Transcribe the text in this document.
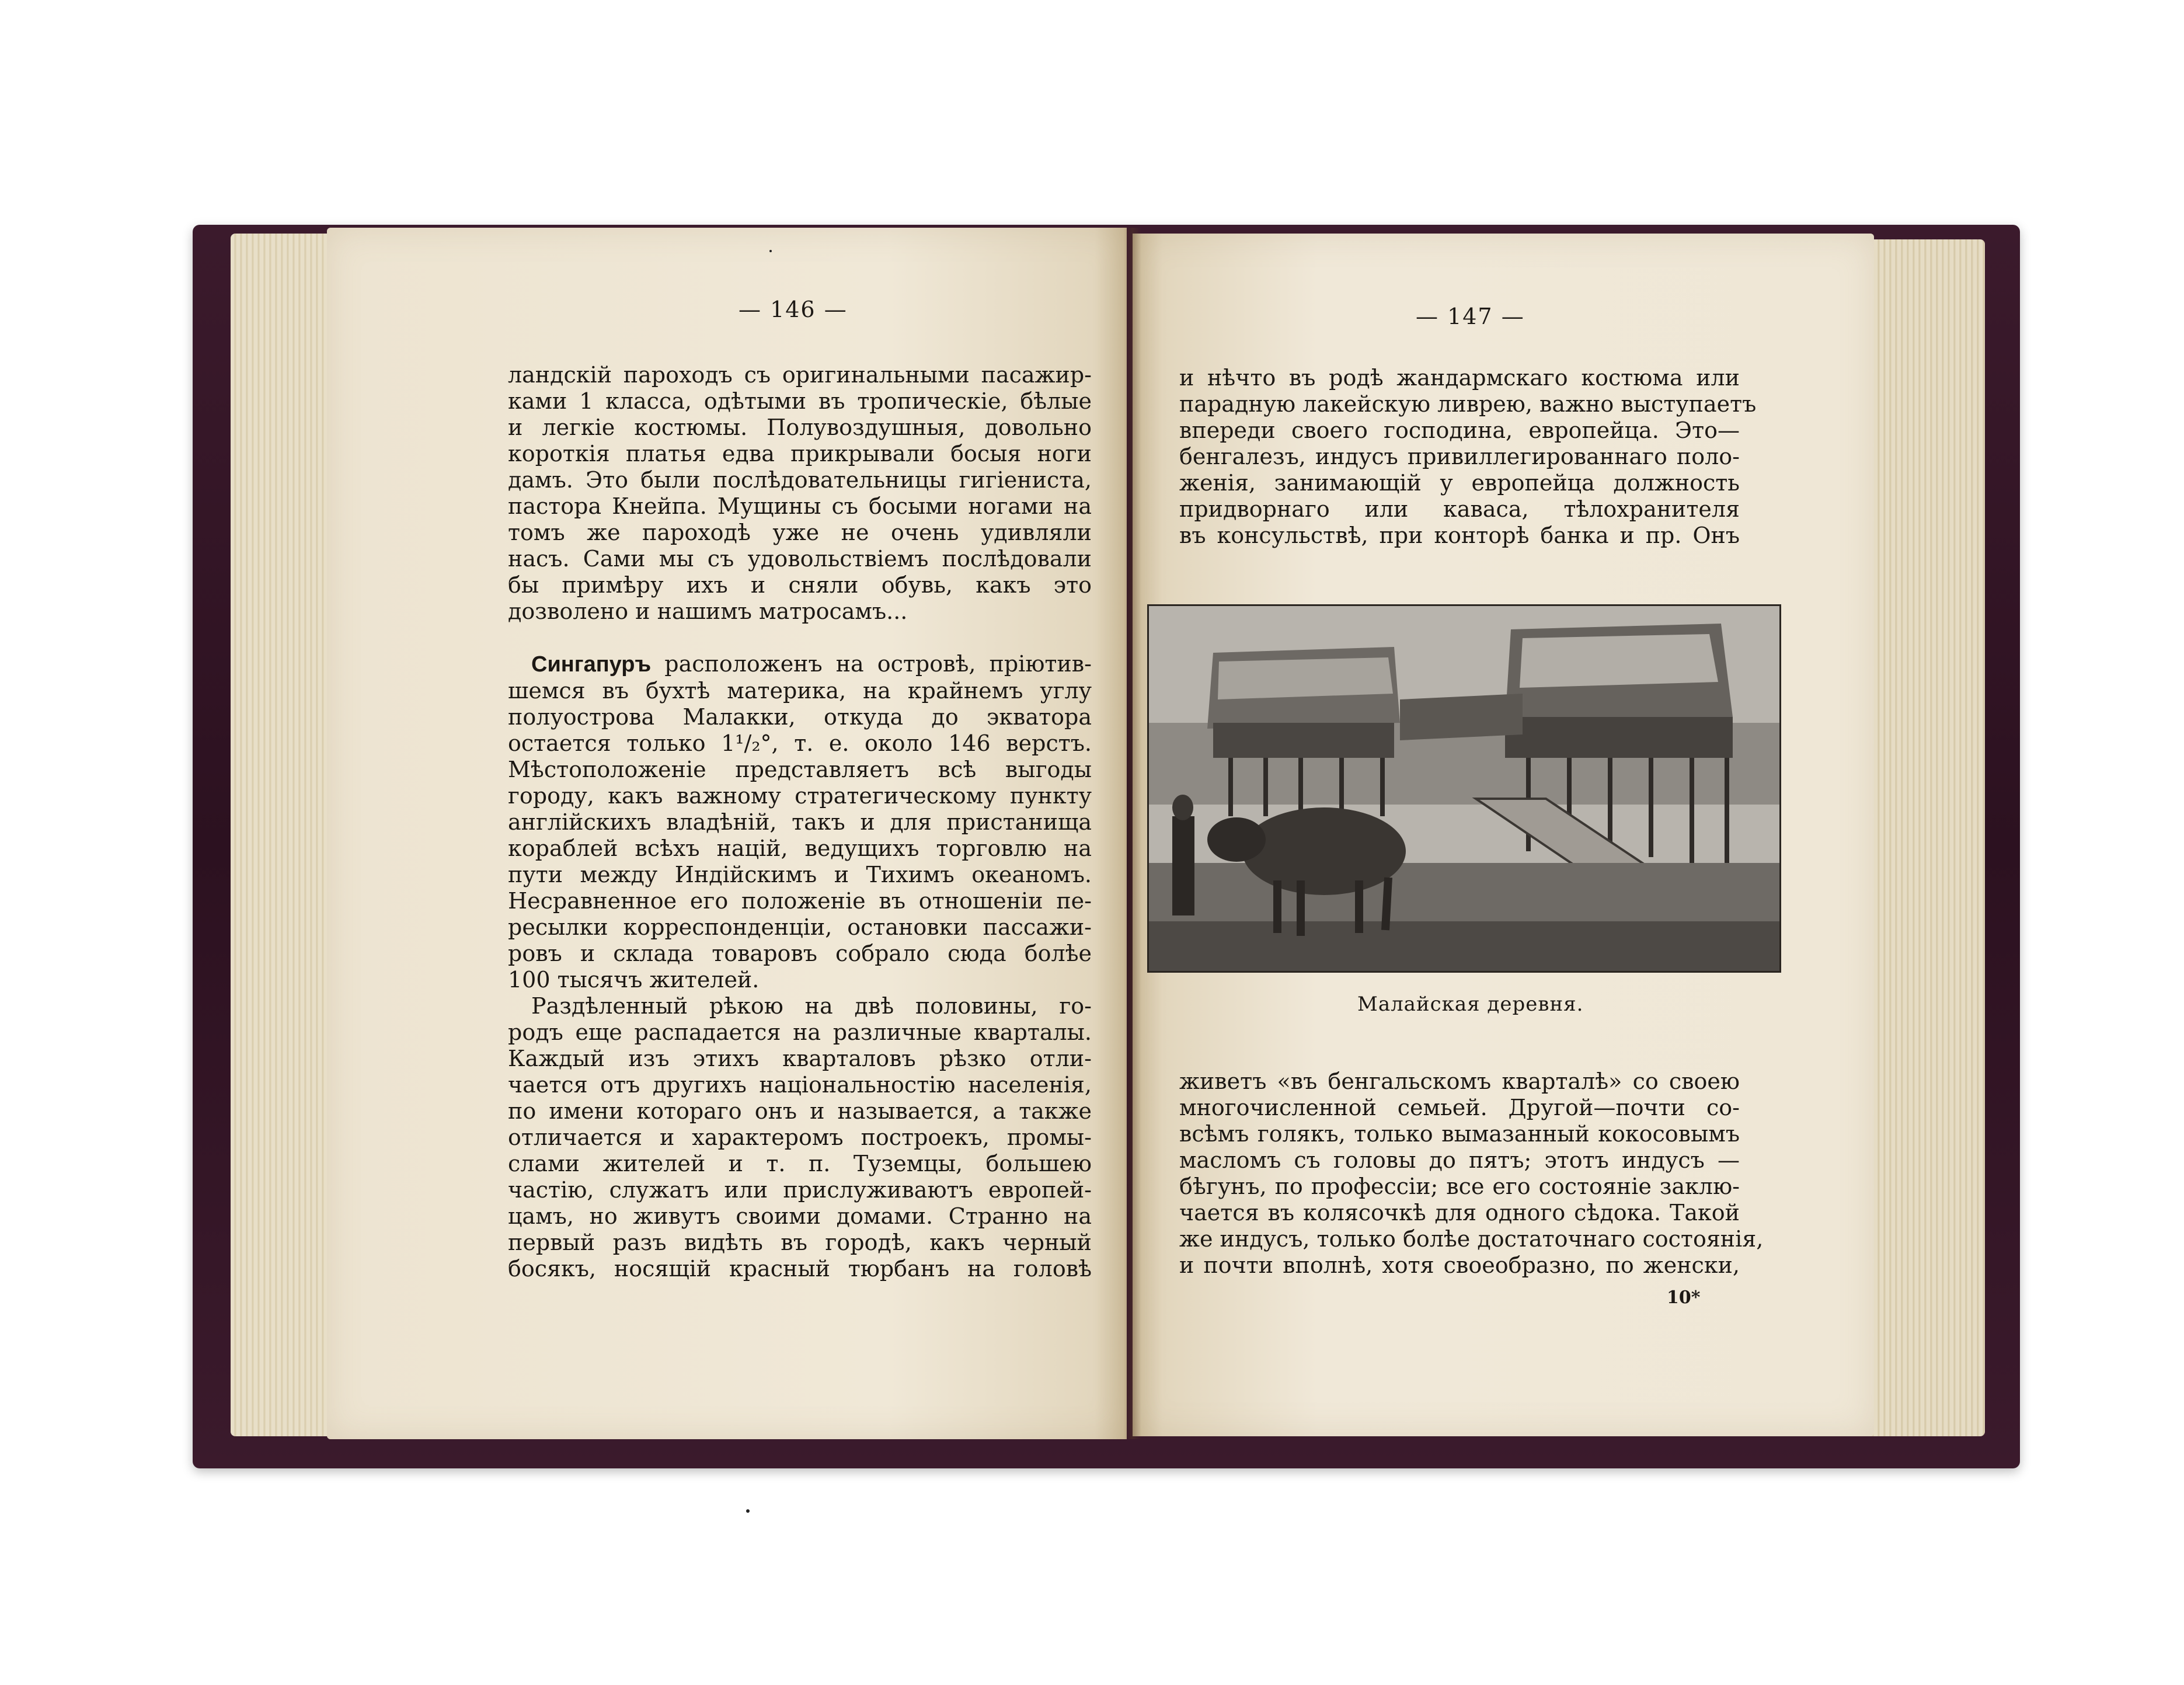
— 146 —
ландскій пароходъ съ оригинальными пасажир-
ками 1 класса, одѣтыми въ тропическіе, бѣлые
и легкіе костюмы. Полувоздушныя, довольно
короткія платья едва прикрывали босыя ноги
дамъ. Это были послѣдовательницы гигіениста,
пастора Кнейпа. Мущины съ босыми ногами на
томъ же пароходѣ уже не очень удивляли
насъ. Сами мы съ удовольствіемъ послѣдовали
бы примѣру ихъ и сняли обувь, какъ это
дозволено и нашимъ матросамъ...
Сингапуръ расположенъ на островѣ, пріютив-
шемся въ бухтѣ материка, на крайнемъ углу
полуострова Малакки, откуда до экватора
остается только 1¹/₂°, т. е. около 146 верстъ.
Мѣстоположеніе представляетъ всѣ выгоды
городу, какъ важному стратегическому пункту
англійскихъ владѣній, такъ и для пристанища
кораблей всѣхъ націй, ведущихъ торговлю на
пути между Индійскимъ и Тихимъ океаномъ.
Несравненное его положеніе въ отношеніи пе-
ресылки корреспонденціи, остановки пассажи-
ровъ и склада товаровъ собрало сюда болѣе
100 тысячъ жителей.
Раздѣленный рѣкою на двѣ половины, го-
родъ еще распадается на различные кварталы.
Каждый изъ этихъ кварталовъ рѣзко отли-
чается отъ другихъ національностію населенія,
по имени котораго онъ и называется, а также
отличается и характеромъ построекъ, промы-
слами жителей и т. п. Туземцы, большею
частію, служатъ или прислуживаютъ европей-
цамъ, но живутъ своими домами. Странно на
первый разъ видѣть въ городѣ, какъ черный
босякъ, носящій красный тюрбанъ на головѣ
— 147 —
и нѣчто въ родѣ жандармскаго костюма или
парадную лакейскую ливрею, важно выступаетъ
впереди своего господина, европейца. Это—
бенгалезъ, индусъ привиллегированнаго поло-
женія, занимающій у европейца должность
придворнаго или каваса, тѣлохранителя
въ консульствѣ, при конторѣ банка и пр. Онъ
Малайская деревня.
живетъ «въ бенгальскомъ кварталѣ» со своею
многочисленной семьей. Другой—почти со-
всѣмъ голякъ, только вымазанный кокосовымъ
масломъ съ головы до пятъ; этотъ индусъ —
бѣгунъ, по профессіи; все его состояніе заклю-
чается въ колясочкѣ для одного сѣдока. Такой
же индусъ, только болѣе достаточнаго состоянія,
и почти вполнѣ, хотя своеобразно, по женски,
10*
